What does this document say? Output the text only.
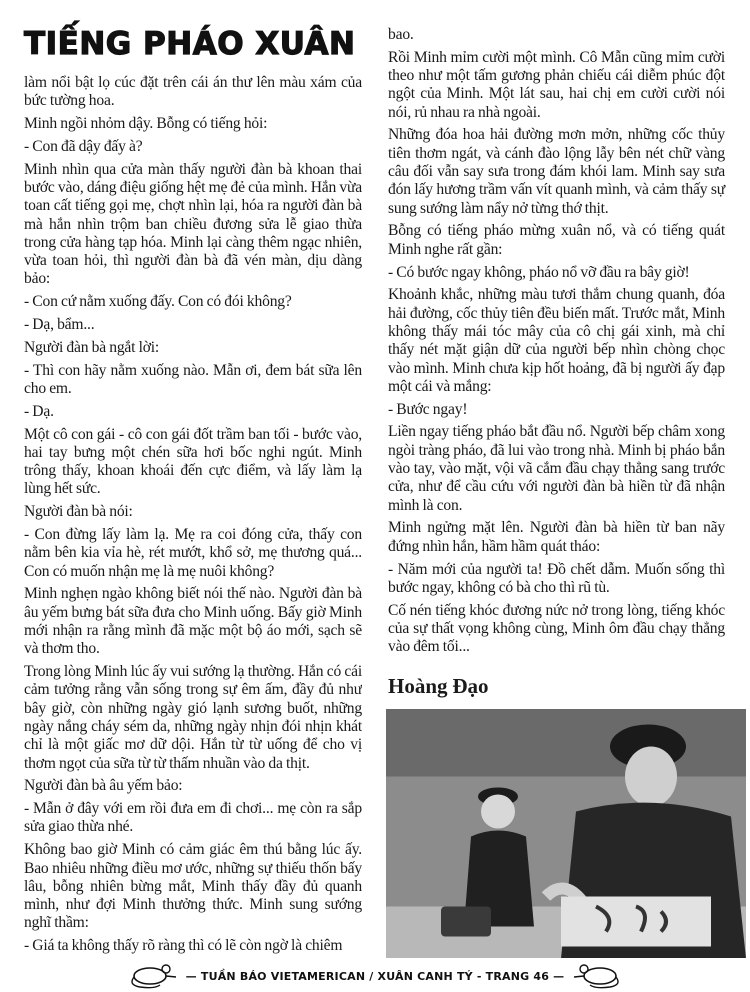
TIẾNG PHÁO XUÂN

làm nổi bật lọ cúc đặt trên cái án thư lên màu xám của bức tường hoa.

Minh ngồi nhỏm dậy. Bỗng có tiếng hỏi:

- Con đã dậy đấy à?

Minh nhìn qua cửa màn thấy người đàn bà khoan thai bước vào, dáng điệu giống hệt mẹ đẻ của mình. Hắn vừa toan cất tiếng gọi mẹ, chợt nhìn lại, hóa ra người đàn bà mà hắn nhìn trộm ban chiều đương sửa lễ giao thừa trong cửa hàng tạp hóa. Minh lại càng thêm ngạc nhiên, vừa toan hỏi, thì người đàn bà đã vén màn, dịu dàng bảo:

- Con cứ nằm xuống đấy. Con có đói không?

- Dạ, bẩm...

Người đàn bà ngắt lời:

- Thì con hãy nằm xuống nào. Mẫn ơi, đem bát sữa lên cho em.

- Dạ.

Một cô con gái - cô con gái đốt trầm ban tối - bước vào, hai tay bưng một chén sữa hơi bốc nghi ngút. Minh trông thấy, khoan khoái đến cực điểm, và lấy làm lạ lùng hết sức.

Người đàn bà nói:

- Con đừng lấy làm lạ. Mẹ ra coi đóng cửa, thấy con nằm bên kia vỉa hè, rét mướt, khổ sở, mẹ thương quá... Con có muốn nhận mẹ là mẹ nuôi không?

Minh nghẹn ngào không biết nói thế nào. Người đàn bà âu yếm bưng bát sữa đưa cho Minh uống. Bấy giờ Minh mới nhận ra rằng mình đã mặc một bộ áo mới, sạch sẽ và thơm tho.

Trong lòng Minh lúc ấy vui sướng lạ thường. Hắn có cái cảm tưởng rằng vẫn sống trong sự êm ấm, đầy đủ như bây giờ, còn những ngày gió lạnh sương buốt, những ngày nắng cháy sém da, những ngày nhịn đói nhịn khát chỉ là một giấc mơ dữ dội. Hắn từ từ uống để cho vị thơm ngọt của sữa từ từ thấm nhuần vào da thịt.

Người đàn bà âu yếm bảo:

- Mẫn ở đây với em rồi đưa em đi chơi... mẹ còn ra sắp sửa giao thừa nhé.

Không bao giờ Minh có cảm giác êm thú bằng lúc ấy. Bao nhiêu những điều mơ ước, những sự thiếu thốn bấy lâu, bỗng nhiên bừng mắt, Minh thấy đầy đủ quanh mình, như đợi Minh thưởng thức. Minh sung sướng nghĩ thầm:

- Giá ta không thấy rõ ràng thì có lẽ còn ngờ là chiêm

bao.

Rồi Minh mỉm cười một mình. Cô Mẫn cũng mỉm cười theo như một tấm gương phản chiếu cái diễm phúc đột ngột của Minh. Một lát sau, hai chị em cười cười nói nói, rủ nhau ra nhà ngoài.

Những đóa hoa hải đường mơn mởn, những cốc thủy tiên thơm ngát, và cánh đào lộng lẫy bên nét chữ vàng câu đối vẫn say sưa trong đám khói lam. Minh say sưa đón lấy hương trầm vấn vít quanh mình, và cảm thấy sự sung sướng làm nẩy nở từng thớ thịt.

Bỗng có tiếng pháo mừng xuân nổ, và có tiếng quát Minh nghe rất gần:

- Có bước ngay không, pháo nổ vỡ đầu ra bây giờ!

Khoảnh khắc, những màu tươi thắm chung quanh, đóa hải đường, cốc thủy tiên đều biến mất. Trước mắt, Minh không thấy mái tóc mây của cô chị gái xinh, mà chỉ thấy nét mặt giận dữ của người bếp nhìn chòng chọc vào mình. Minh chưa kịp hốt hoảng, đã bị người ấy đạp một cái và mắng:

- Bước ngay!

Liền ngay tiếng pháo bắt đầu nổ. Người bếp châm xong ngòi tràng pháo, đã lui vào trong nhà. Minh bị pháo bắn vào tay, vào mặt, vội vã cắm đầu chạy thẳng sang trước cửa, như để cầu cứu với người đàn bà hiền từ đã nhận mình là con.

Minh ngửng mặt lên. Người đàn bà hiền từ ban nãy đứng nhìn hắn, hầm hầm quát tháo:

- Năm mới của người ta! Đồ chết dẫm. Muốn sống thì bước ngay, không có bà cho thì rũ tù.

Cố nén tiếng khóc đương nức nở trong lòng, tiếng khóc của sự thất vọng không cùng, Minh ôm đầu chạy thẳng vào đêm tối...

Hoàng Đạo

— TUẦN BÁO VIETAMERICAN / XUÂN CANH TÝ - TRANG 46 —
